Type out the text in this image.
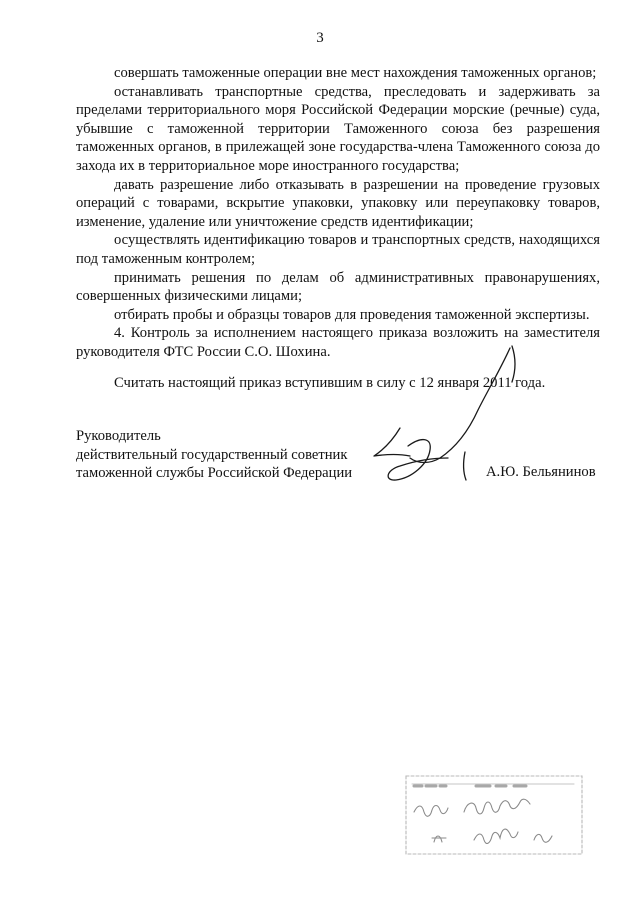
3

совершать таможенные операции вне мест нахождения таможенных органов;

останавливать транспортные средства, преследовать и задерживать за пределами территориального моря Российской Федерации морские (речные) суда, убывшие с таможенной территории Таможенного союза без разрешения таможенных органов, в прилежащей зоне государства-члена Таможенного союза до захода их в территориальное море иностранного государства;

давать разрешение либо отказывать в разрешении на проведение грузовых операций с товарами, вскрытие упаковки, упаковку или переупаковку товаров, изменение, удаление или уничтожение средств идентификации;

осуществлять идентификацию товаров и транспортных средств, находящихся под таможенным контролем;

принимать решения по делам об административных правонарушениях, совершенных физическими лицами;

отбирать пробы и образцы товаров для проведения таможенной экспертизы.

4. Контроль за исполнением настоящего приказа возложить на заместителя руководителя ФТС России С.О. Шохина.

Считать настоящий приказ вступившим в силу с 12 января 2011 года.
Руководитель
действительный государственный советник
таможенной службы Российской Федерации	А.Ю. Бельянинов
